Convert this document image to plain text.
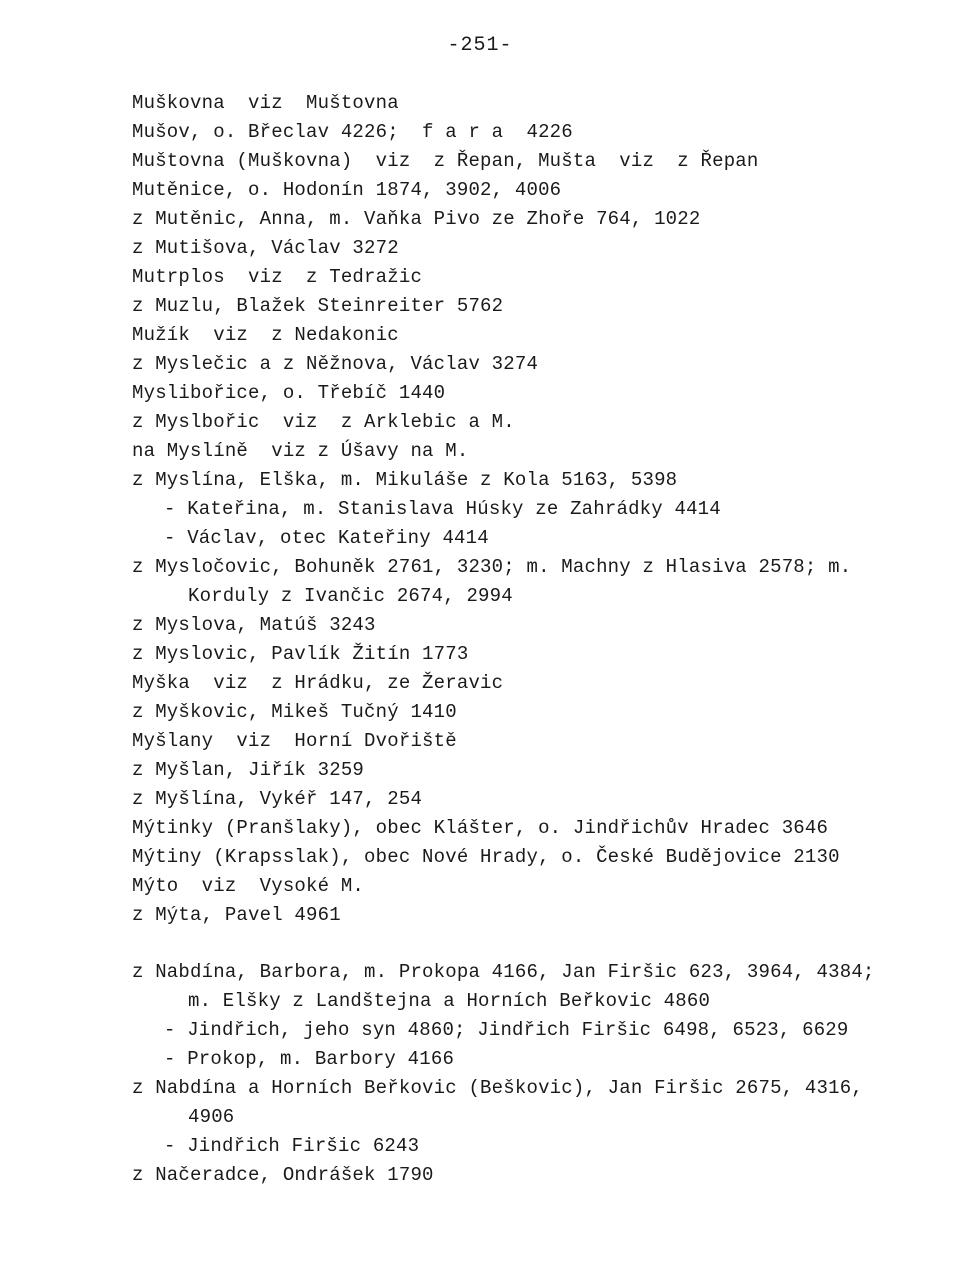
-251-
Muškovna  viz  Muštovna
Mušov, o. Břeclav 4226;  f a r a  4226
Muštovna (Muškovna)  viz  z Řepan, Mušta  viz  z Řepan
Mutěnice, o. Hodonín 1874, 3902, 4006
z Mutěnic, Anna, m. Vaňka Pivo ze Zhoře 764, 1022
z Mutišova, Václav 3272
Mutrplos  viz  z Tedražic
z Muzlu, Blažek Steinreiter 5762
Mužík  viz  z Nedakonic
z Myslečic a z Něžnova, Václav 3274
Myslibořice, o. Třebíč 1440
z Myslbořic  viz  z Arklebic a M.
na Myslíně  viz z Úšavy na M.
z Myslína, Elška, m. Mikuláše z Kola 5163, 5398
- Kateřina, m. Stanislava Húsky ze Zahrádky 4414
- Václav, otec Kateřiny 4414
z Mysločovic, Bohuněk 2761, 3230; m. Machny z Hlasiva 2578; m.
Korduly z Ivančic 2674, 2994
z Myslova, Matúš 3243
z Myslovic, Pavlík Žitín 1773
Myška  viz  z Hrádku, ze Žeravic
z Myškovic, Mikeš Tučný 1410
Myšlany  viz  Horní Dvořiště
z Myšlan, Jiřík 3259
z Myšlína, Vykéř 147, 254
Mýtinky (Pranšlaky), obec Klášter, o. Jindřichův Hradec 3646
Mýtiny (Krapsslak), obec Nové Hrady, o. České Budějovice 2130
Mýto  viz  Vysoké M.
z Mýta, Pavel 4961
z Nabdína, Barbora, m. Prokopa 4166, Jan Firšic 623, 3964, 4384;
m. Elšky z Landštejna a Horních Beřkovic 4860
- Jindřich, jeho syn 4860; Jindřich Firšic 6498, 6523, 6629
- Prokop, m. Barbory 4166
z Nabdína a Horních Beřkovic (Beškovic), Jan Firšic 2675, 4316,
4906
- Jindřich Firšic 6243
z Načeradce, Ondrášek 1790
